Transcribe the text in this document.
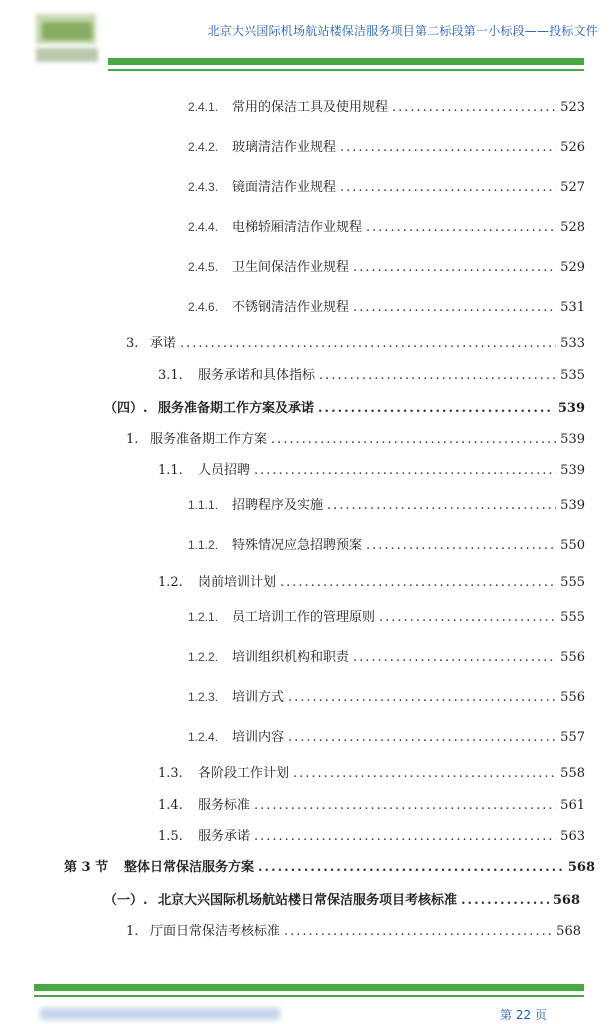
北京大兴国际机场航站楼保洁服务项目第二标段第一小标段——投标文件
2.4.1.	常用的保洁工具及使用规程 .....	523
2.4.2.	玻璃清洁作业规程 .....	526
2.4.3.	镜面清洁作业规程 .....	527
2.4.4.	电梯轿厢清洁作业规程 .....	528
2.4.5.	卫生间保洁作业规程 .....	529
2.4.6.	不锈钢清洁作业规程 .....	531
3. 承诺 .....	533
3.1.	服务承诺和具体指标 .....	535
（四）. 服务准备期工作方案及承诺 .....	539
1. 服务准备期工作方案 .....	539
1.1.	人员招聘 .....	539
1.1.1.	招聘程序及实施 .....	539
1.1.2.	特殊情况应急招聘预案 .....	550
1.2.	岗前培训计划 .....	555
1.2.1.	员工培训工作的管理原则 .....	555
1.2.2.	培训组织机构和职责 .....	556
1.2.3.	培训方式 .....	556
1.2.4.	培训内容 .....	557
1.3.	各阶段工作计划 .....	558
1.4.	服务标准 .....	561
1.5.	服务承诺 .....	563
第 3 节	整体日常保洁服务方案 .....	568
（一）. 北京大兴国际机场航站楼日常保洁服务项目考核标准 .....	568
1. 厅面日常保洁考核标准 .....	568
第 22 页
